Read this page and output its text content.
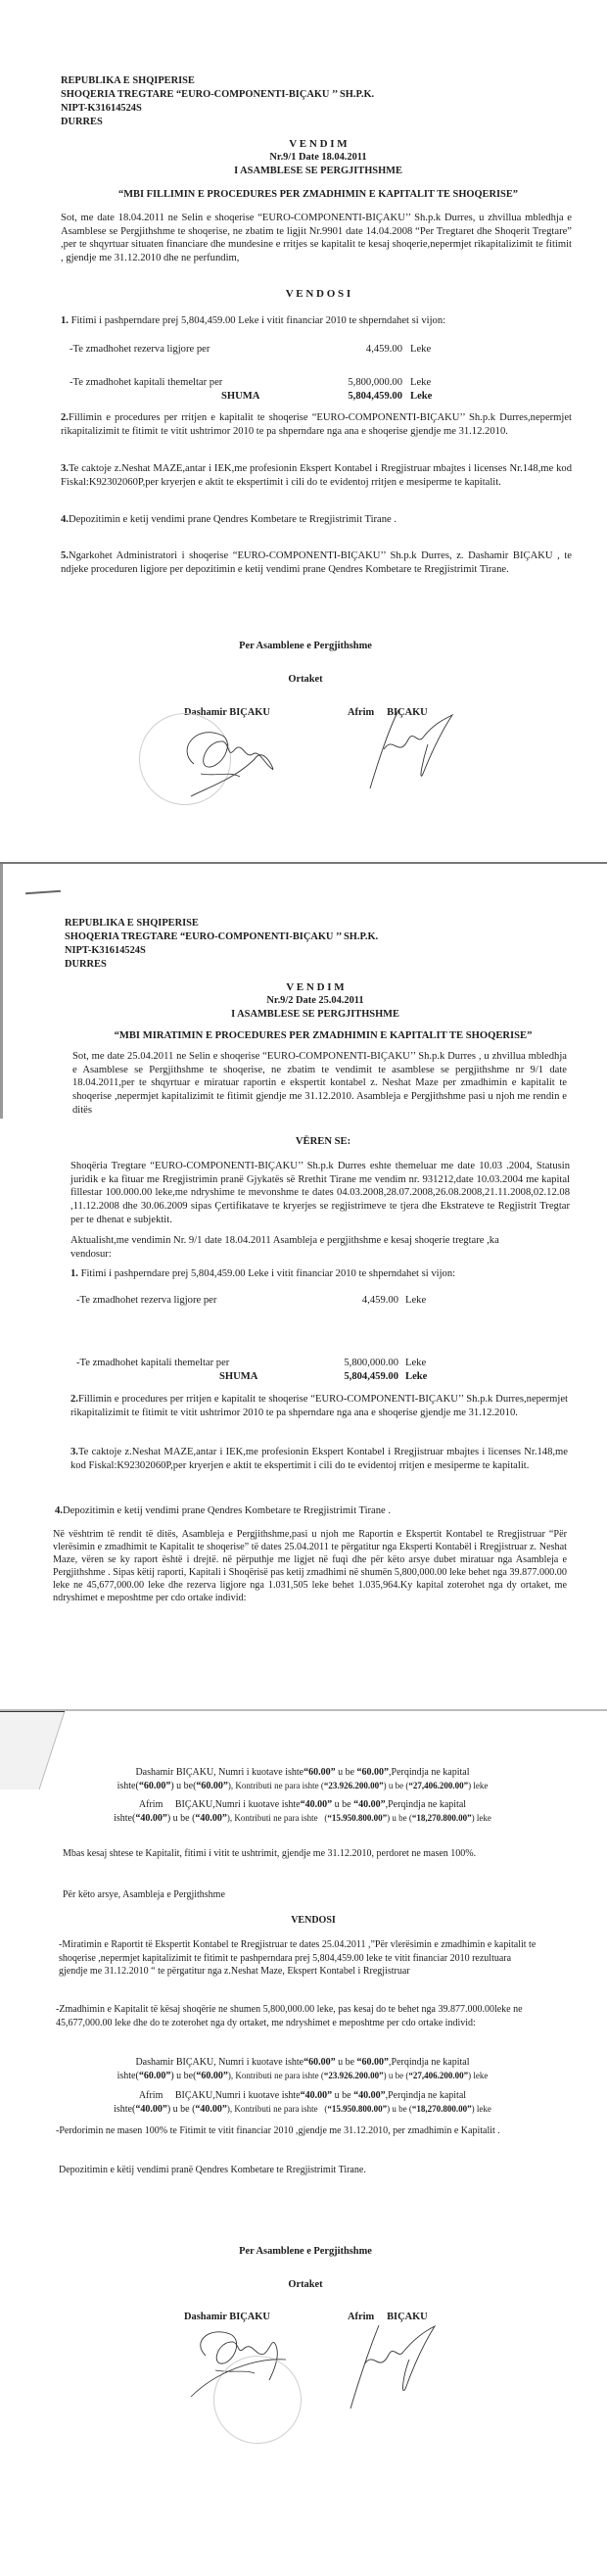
REPUBLIKA E SHQIPERISE
SHOQERIA TREGTARE “EURO-COMPONENTI-BIÇAKU ’’ SH.P.K.
NIPT-K31614524S
DURRES
V E N D I M
Nr.9/1 Date 18.04.2011
I ASAMBLESE SE PERGJITHSHME
“MBI FILLIMIN E PROCEDURES PER ZMADHIMIN E KAPITALIT TE SHOQERISE”
Sot, me date 18.04.2011 ne Selin e shoqerise “EURO-COMPONENTI-BIÇAKU’’ Sh.p.k Durres, u zhvillua mbledhja e Asamblese se Pergjithshme te shoqerise, ne zbatim te ligjit Nr.9901 date 14.04.2008 “Per Tregtaret dhe Shoqerit Tregtare” ,per te shqyrtuar situaten financiare dhe mundesine e rritjes se kapitalit te kesaj shoqerie,nepermjet rikapitalizimit te fitimit , gjendje me 31.12.2010 dhe ne perfundim,
V E N D O S I
1. Fitimi i pashperndare prej 5,804,459.00 Leke i vitit financiar 2010 te shperndahet si vijon:
-Te zmadhohet rezerva ligjore per	4,459.00 Leke
-Te zmadhohet kapitali themeltar per	5,800,000.00 Leke
SHUMA	5,804,459.00 Leke
2.Fillimin e procedures per rritjen e kapitalit te shoqerise “EURO-COMPONENTI-BIÇAKU’’ Sh.p.k Durres,nepermjet rikapitalizimit te fitimit te vitit ushtrimor 2010 te pa shperndare nga ana e shoqerise gjendje me 31.12.2010.
3.Te caktoje z.Neshat MAZE,antar i IEK,me profesionin Ekspert Kontabel i Rregjistruar mbajtes i licenses Nr.148,me kod Fiskal:K92302060P,per kryerjen e aktit te ekspertimit i cili do te evidentoj rritjen e mesiperme te kapitalit.
4.Depozitimin e ketij vendimi prane Qendres Kombetare te Rregjistrimit Tirane .
5.Ngarkohet Administratori i shoqerise “EURO-COMPONENTI-BIÇAKU’’ Sh.p.k Durres, z. Dashamir BIÇAKU , te ndjeke proceduren ligjore per depozitimin e ketij vendimi prane Qendres Kombetare te Rregjistrimit Tirane.
Per Asamblene e Pergjithshme
Ortaket
Dashamir BIÇAKU	Afrim     BIÇAKU
REPUBLIKA E SHQIPERISE
SHOQERIA TREGTARE “EURO-COMPONENTI-BIÇAKU ’’ SH.P.K.
NIPT-K31614524S
DURRES
V E N D I M
Nr.9/2 Date 25.04.2011
I ASAMBLESE SE PERGJITHSHME
“MBI MIRATIMIN E PROCEDURES PER ZMADHIMIN E KAPITALIT TE SHOQERISE”
Sot, me date 25.04.2011 ne Selin e shoqerise “EURO-COMPONENTI-BIÇAKU’’ Sh.p.k Durres , u zhvillua mbledhja e Asamblese se Pergjithshme te shoqerise, ne zbatim te vendimit te asamblese se pergjithshme nr 9/1 date 18.04.2011,per te shqyrtuar e miratuar raportin e ekspertit kontabel z. Neshat Maze per zmadhimin e kapitalit te shoqerise ,nepermjet kapitalizimit te fitimit gjendje me 31.12.2010. Asambleja e Pergjithshme pasi u njoh me rendin e ditës
VËREN SE:
Shoqëria Tregtare “EURO-COMPONENTI-BIÇAKU’’ Sh.p.k Durres eshte themeluar me date 10.03 .2004, Statusin juridik e ka fituar me Rregjistrimin pranë Gjykatës së Rrethit Tirane me vendim nr. 931212,date 10.03.2004 me kapital fillestar 100.000.00 leke,me ndryshime te mevonshme te dates 04.03.2008,28.07.2008,26.08.2008,21.11.2008,02.12.08 ,11.12.2008 dhe 30.06.2009 sipas Çertifikatave te kryerjes se regjistrimeve te tjera dhe Ekstrateve te Regjistrit Tregtar per te dhenat e subjektit.
Aktualisht,me vendimin Nr. 9/1 date 18.04.2011 Asambleja e pergjithshme e kesaj shoqerie tregtare ,ka vendosur:
1. Fitimi i pashperndare prej 5,804,459.00 Leke i vitit financiar 2010 te shperndahet si vijon:
-Te zmadhohet rezerva ligjore per	4,459.00 Leke
-Te zmadhohet kapitali themeltar per	5,800,000.00 Leke
SHUMA	5,804,459.00 Leke
2.Fillimin e procedures per rritjen e kapitalit te shoqerise “EURO-COMPONENTI-BIÇAKU’’ Sh.p.k Durres,nepermjet rikapitalizimit te fitimit te vitit ushtrimor 2010 te pa shperndare nga ana e shoqerise gjendje me 31.12.2010.
3.Te caktoje z.Neshat MAZE,antar i IEK,me profesionin Ekspert Kontabel i Rregjistruar mbajtes i licenses Nr.148,me kod Fiskal:K92302060P,per kryerjen e aktit te ekspertimit i cili do te evidentoj rritjen e mesiperme te kapitalit.
4.Depozitimin e ketij vendimi prane Qendres Kombetare te Rregjistrimit Tirane .
Në vështrim të rendit të ditës, Asambleja e Pergjithshme,pasi u njoh me Raportin e Ekspertit Kontabel te Rregjistruar “Për vlerësimin e zmadhimit te Kapitalit te shoqerise” të dates 25.04.2011 te përgatitur nga Eksperti Kontabël i Rregjistruar z. Neshat Maze, vëren se ky raport është i drejtë. në përputhje me ligjet në fuqi dhe për këto arsye dubet miratuar nga Asambleja e Pergjithshme . Sipas këtij raporti, Kapitali i Shoqërisë pas ketij zmadhimi në shumën 5,800,000.00 leke behet nga 39.877.000.00 leke ne 45,677,000.00 leke dhe rezerva ligjore nga 1.031,505 leke behet 1.035,964.Ky kapital zoterohet nga dy ortaket, me ndryshimet e meposhtme per cdo ortake individ:
Dashamir BIÇAKU, Numri i kuotave ishte“60.00” u be “60.00”,Perqindja ne kapital
ishte(“60.00”) u be(“60.00”), Kontributi ne para ishte (“23.926.200.00”) u be (“27,406.200.00”) leke
Afrim     BIÇAKU,Numri i kuotave ishte“40.00” u be “40.00”,Perqindja ne kapital
ishte(“40.00”) u be (“40.00”), Kontributi ne para ishte   (“15.950.800.00”) u be (“18,270.800.00”) leke
Mbas kesaj shtese te Kapitalit, fitimi i vitit te ushtrimit, gjendje me 31.12.2010, perdoret ne masen 100%.
Për këto arsye, Asambleja e Pergjithshme
VENDOSI
-Miratimin e Raportit të Ekspertit Kontabel te Rregjistruar te dates 25.04.2011 ,”Për vlerësimin e zmadhimin e kapitalit te shoqerise ,nepermjet kapitalizimit te fitimit te pashperndara prej 5,804,459.00 leke te vitit financiar 2010 rezultuara gjendje me 31.12.2010 “ te përgatitur nga z.Neshat Maze, Ekspert Kontabel i Rregjistruar
-Zmadhimin e Kapitalit të kësaj shoqërie ne shumen 5,800,000.00 leke, pas kesaj do te behet nga 39.877.000.00leke ne 45,677,000.00 leke dhe do te zoterohet nga dy ortaket, me ndryshimet e meposhtme per cdo ortake individ:
Dashamir BIÇAKU, Numri i kuotave ishte“60.00” u be “60.00”,Perqindja ne kapital
ishte(“60.00”) u be(“60.00”), Kontributi ne para ishte (“23.926.200.00”) u be (“27,406.200.00”) leke
Afrim     BIÇAKU,Numri i kuotave ishte“40.00” u be “40.00”,Perqindja ne kapital
ishte(“40.00”) u be (“40.00”), Kontributi ne para ishte   (“15.950.800.00”) u be (“18,270.800.00”) leke
-Perdorimin ne masen 100% te Fitimit te vitit financiar 2010 ,gjendje me 31.12.2010, per zmadhimin e Kapitalit .
Depozitimin e këtij vendimi pranë Qendres Kombetare te Rregjistrimit Tirane.
Per Asamblene e Pergjithshme
Ortaket
Dashamir BIÇAKU	Afrim     BIÇAKU
